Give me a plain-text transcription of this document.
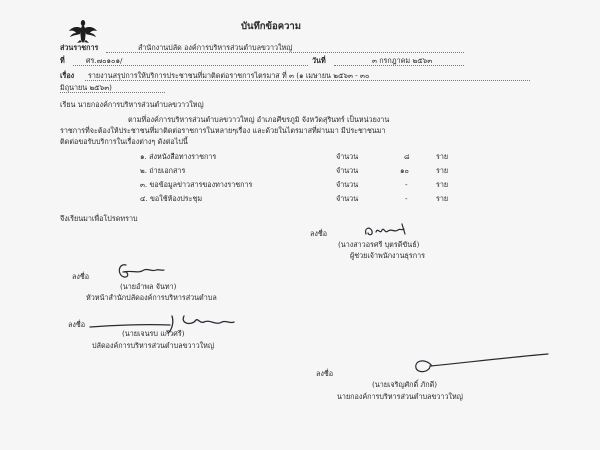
บันทึกข้อความ
ส่วนราชการ	สำนักงานปลัด องค์การบริหารส่วนตำบลขวาวใหญ่
ที่	ศร.๗๐๑๐๑/	วันที่	๓ กรกฎาคม ๒๕๖๓
เรื่อง รายงานสรุปการให้บริการประชาชนที่มาติดต่อราชการไตรมาส ที่ ๓ (๑ เมษายน ๒๕๖๓ - ๓๐
มิถุนายน ๒๕๖๓)
เรียน นายกองค์การบริหารส่วนตำบลขวาวใหญ่
ตามที่องค์การบริหารส่วนตำบลขวาวใหญ่ อำเภอศีขรภูมิ จังหวัดสุรินทร์ เป็นหน่วยงาน
ราชการที่จะต้องให้ประชาชนที่มาติดต่อราชการในหลายๆเรื่อง และด้วยในไตรมาสที่ผ่านมา มีประชาชนมา
ติดต่อขอรับบริการในเรื่องต่างๆ ดังต่อไปนี้
๑. ส่งหนังสือทางราชการ	จำนวน	๘	ราย
๒. ถ่ายเอกสาร	จำนวน	๑๐	ราย
๓. ขอข้อมูลข่าวสารของทางราชการ	จำนวน	-	ราย
๔. ขอใช้ห้องประชุม	จำนวน	-	ราย
จึงเรียนมาเพื่อโปรดทราบ
ลงชื่อ
(นางสาวอรศรี บุตรดีขันธ์)
ผู้ช่วยเจ้าพนักงานธุรการ
ลงชื่อ
(นายอำพล จันทา)
หัวหน้าสำนักปลัดองค์การบริหารส่วนตำบล
ลงชื่อ
(นายเจนรบ แก้วศรี)
ปลัดองค์การบริหารส่วนตำบลขวาวใหญ่
ลงชื่อ
(นายเจริญศักดิ์ ภักดี)
นายกองค์การบริหารส่วนตำบลขวาวใหญ่
